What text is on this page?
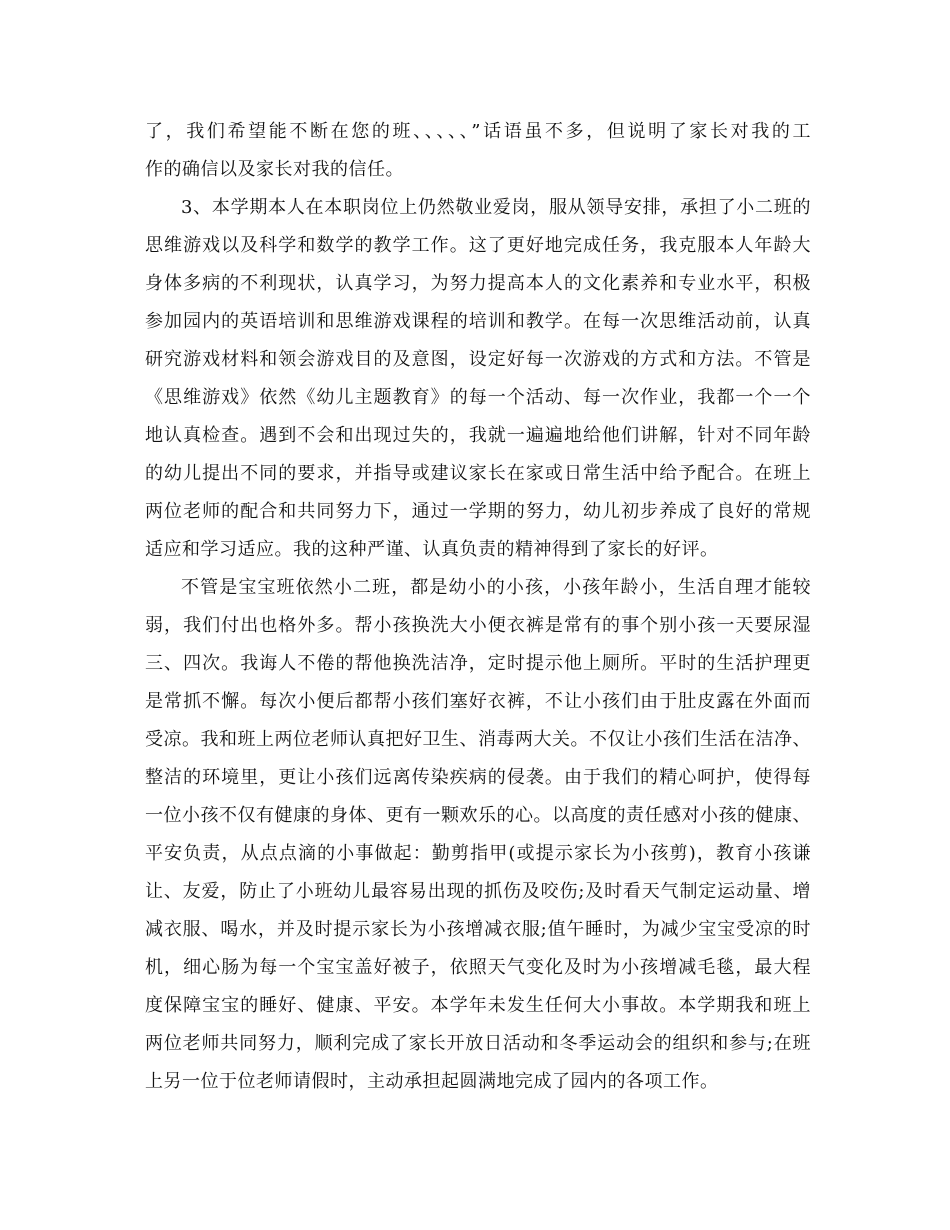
了，我们希望能不断在您的班、、、、、”话语虽不多，但说明了家长对我的工
作的确信以及家长对我的信任。
3、本学期本人在本职岗位上仍然敬业爱岗，服从领导安排，承担了小二班的
思维游戏以及科学和数学的教学工作。这了更好地完成任务，我克服本人年龄大
身体多病的不利现状，认真学习，为努力提高本人的文化素养和专业水平，积极
参加园内的英语培训和思维游戏课程的培训和教学。在每一次思维活动前，认真
研究游戏材料和领会游戏目的及意图，设定好每一次游戏的方式和方法。不管是
《思维游戏》依然《幼儿主题教育》的每一个活动、每一次作业，我都一个一个
地认真检查。遇到不会和出现过失的，我就一遍遍地给他们讲解，针对不同年龄
的幼儿提出不同的要求，并指导或建议家长在家或日常生活中给予配合。在班上
两位老师的配合和共同努力下，通过一学期的努力，幼儿初步养成了良好的常规
适应和学习适应。我的这种严谨、认真负责的精神得到了家长的好评。
不管是宝宝班依然小二班，都是幼小的小孩，小孩年龄小，生活自理才能较
弱，我们付出也格外多。帮小孩换洗大小便衣裤是常有的事个别小孩一天要尿湿
三、四次。我诲人不倦的帮他换洗洁净，定时提示他上厕所。平时的生活护理更
是常抓不懈。每次小便后都帮小孩们塞好衣裤，不让小孩们由于肚皮露在外面而
受凉。我和班上两位老师认真把好卫生、消毒两大关。不仅让小孩们生活在洁净、
整洁的环境里，更让小孩们远离传染疾病的侵袭。由于我们的精心呵护，使得每
一位小孩不仅有健康的身体、更有一颗欢乐的心。以高度的责任感对小孩的健康、
平安负责，从点点滴的小事做起：勤剪指甲(或提示家长为小孩剪)，教育小孩谦
让、友爱，防止了小班幼儿最容易出现的抓伤及咬伤;及时看天气制定运动量、增
减衣服、喝水，并及时提示家长为小孩增减衣服;值午睡时，为减少宝宝受凉的时
机，细心肠为每一个宝宝盖好被子，依照天气变化及时为小孩增减毛毯，最大程
度保障宝宝的睡好、健康、平安。本学年未发生任何大小事故。本学期我和班上
两位老师共同努力，顺利完成了家长开放日活动和冬季运动会的组织和参与;在班
上另一位于位老师请假时，主动承担起圆满地完成了园内的各项工作。
